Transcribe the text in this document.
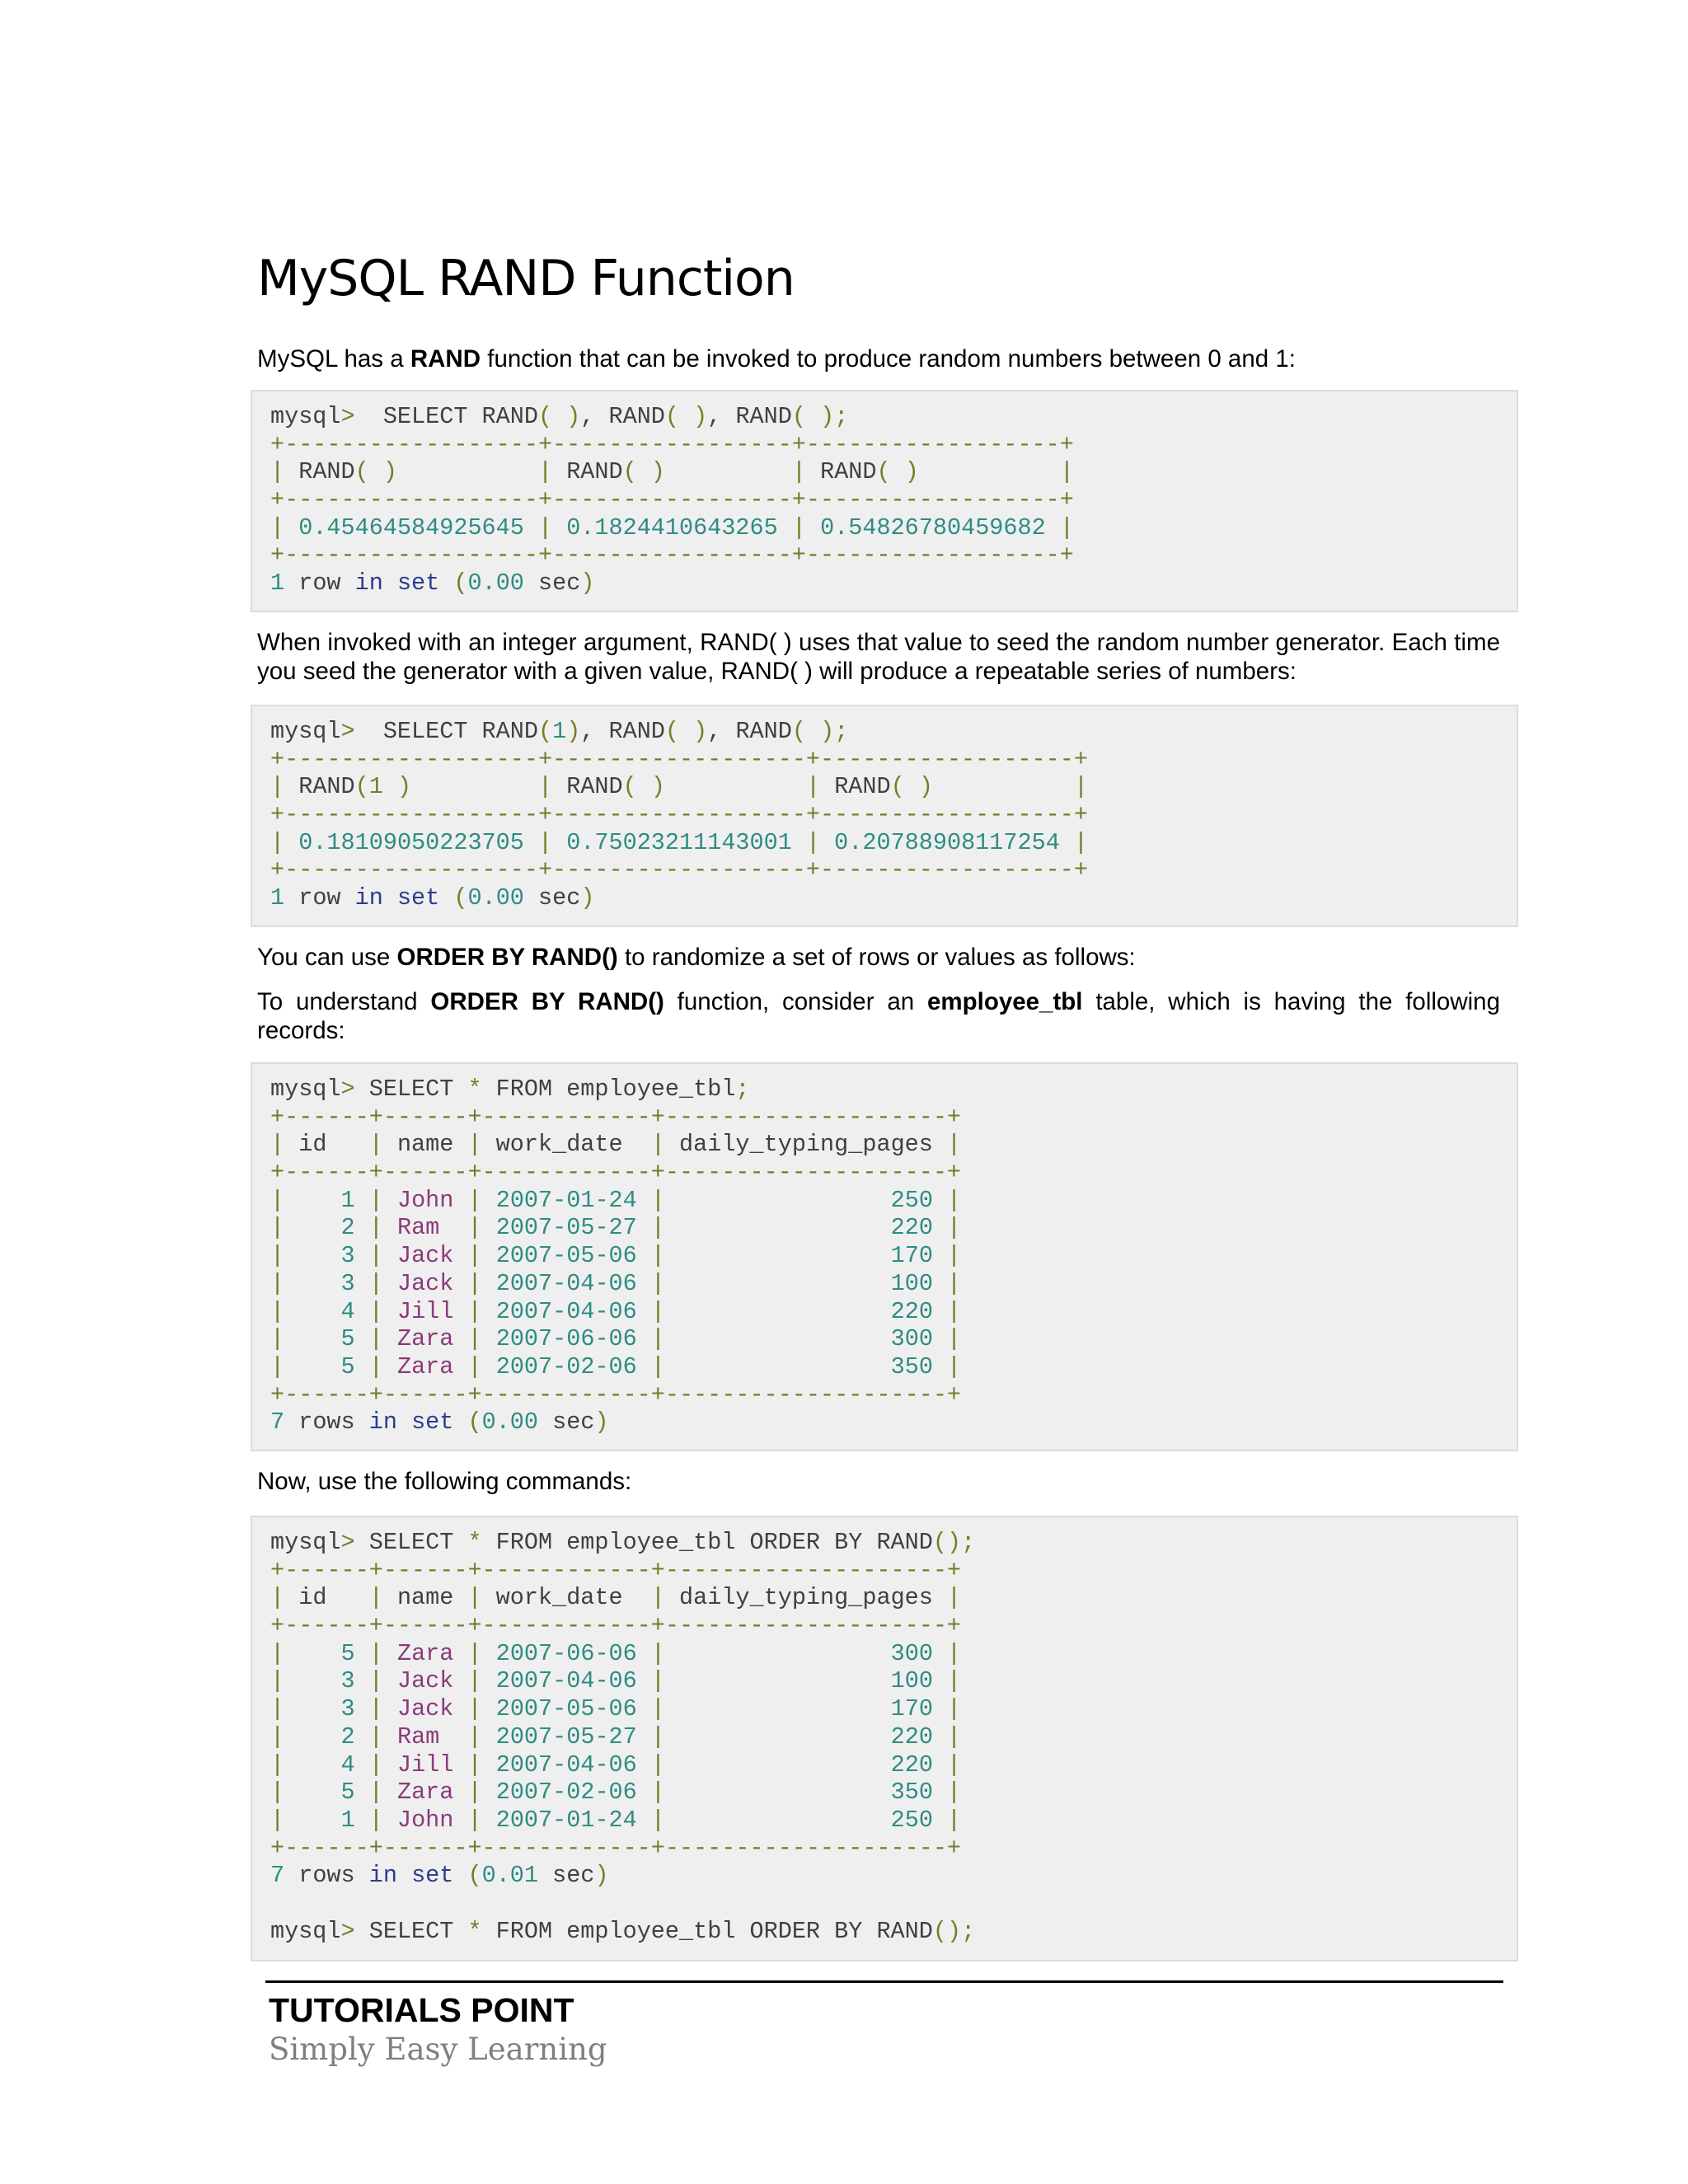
MySQL RAND Function

MySQL has a RAND function that can be invoked to produce random numbers between 0 and 1:

mysql>  SELECT RAND( ), RAND( ), RAND( );
+------------------+-----------------+------------------+
| RAND( )	| RAND( )	| RAND( )	|
+------------------+-----------------+------------------+
| 0.45464584925645 | 0.1824410643265 | 0.54826780459682 |
+------------------+-----------------+------------------+
1 row in set (0.00 sec)

When invoked with an integer argument, RAND( ) uses that value to seed the random number generator. Each time you seed the generator with a given value, RAND( ) will produce a repeatable series of numbers:

mysql>  SELECT RAND(1), RAND( ), RAND( );
+------------------+------------------+------------------+
| RAND(1 )	| RAND( )	| RAND( )	|
+------------------+------------------+------------------+
| 0.18109050223705 | 0.75023211143001 | 0.20788908117254 |
+------------------+------------------+------------------+
1 row in set (0.00 sec)

You can use ORDER BY RAND() to randomize a set of rows or values as follows:

To understand ORDER BY RAND() function, consider an employee_tbl table, which is having the following records:

mysql> SELECT * FROM employee_tbl;
+------+------+------------+--------------------+
| id   | name | work_date  | daily_typing_pages |
+------+------+------------+--------------------+
|    1 | John | 2007-01-24 |                250 |
|    2 | Ram  | 2007-05-27 |                220 |
|    3 | Jack | 2007-05-06 |                170 |
|    3 | Jack | 2007-04-06 |                100 |
|    4 | Jill | 2007-04-06 |                220 |
|    5 | Zara | 2007-06-06 |                300 |
|    5 | Zara | 2007-02-06 |                350 |
+------+------+------------+--------------------+
7 rows in set (0.00 sec)

Now, use the following commands:

mysql> SELECT * FROM employee_tbl ORDER BY RAND();
+------+------+------------+--------------------+
| id   | name | work_date  | daily_typing_pages |
+------+------+------------+--------------------+
|    5 | Zara | 2007-06-06 |                300 |
|    3 | Jack | 2007-04-06 |                100 |
|    3 | Jack | 2007-05-06 |                170 |
|    2 | Ram  | 2007-05-27 |                220 |
|    4 | Jill | 2007-04-06 |                220 |
|    5 | Zara | 2007-02-06 |                350 |
|    1 | John | 2007-01-24 |                250 |
+------+------+------------+--------------------+
7 rows in set (0.01 sec)
mysql> SELECT * FROM employee_tbl ORDER BY RAND();

TUTORIALS POINT

Simply Easy Learning
